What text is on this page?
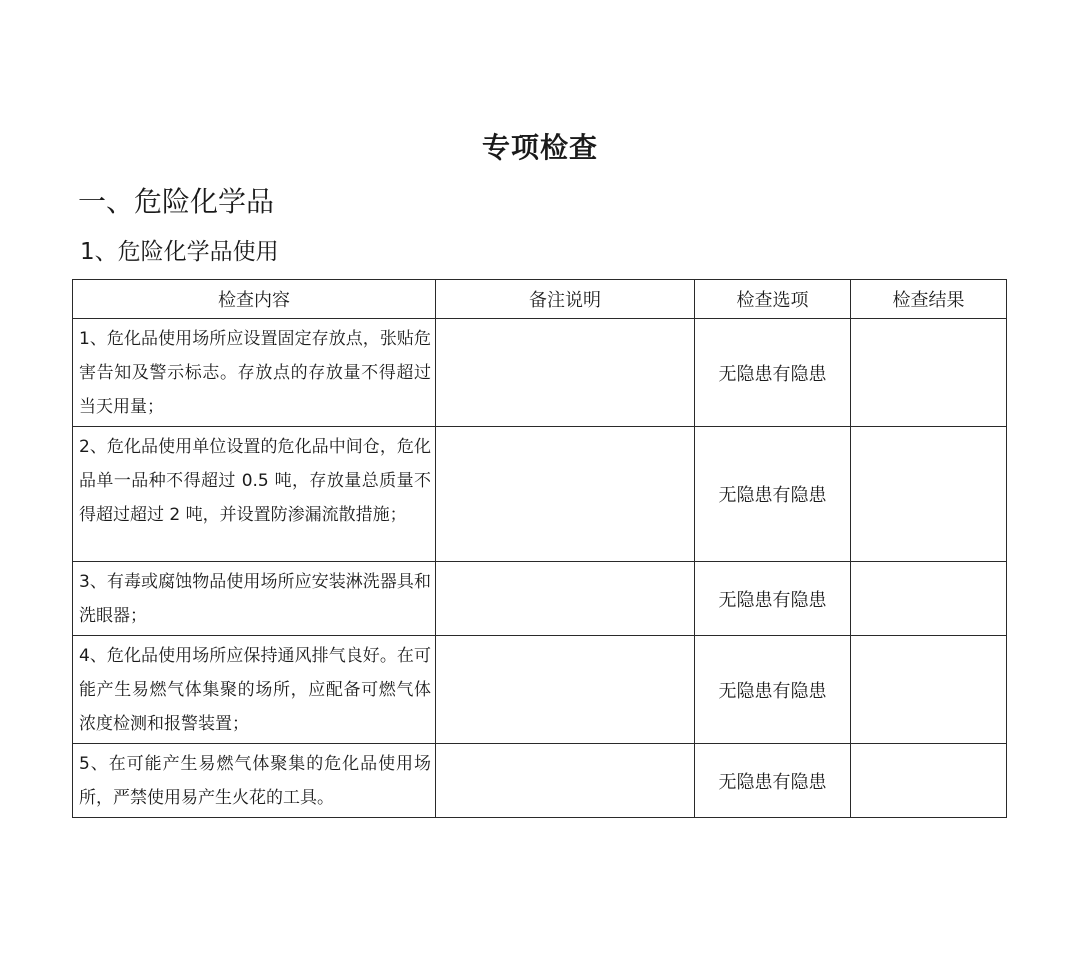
专项检查
一、危险化学品
1、危险化学品使用
检查内容	备注说明	检查选项	检查结果
1、危化品使用场所应设置固定存放点，张贴危害告知及警示标志。存放点的存放量不得超过当天用量；		无隐患有隐患	
2、危化品使用单位设置的危化品中间仓，危化品单一品种不得超过 0.5 吨，存放量总质量不得超过超过 2 吨，并设置防渗漏流散措施；		无隐患有隐患	
3、有毒或腐蚀物品使用场所应安装淋洗器具和洗眼器；		无隐患有隐患	
4、危化品使用场所应保持通风排气良好。在可能产生易燃气体集聚的场所，应配备可燃气体浓度检测和报警装置；		无隐患有隐患	
5、在可能产生易燃气体聚集的危化品使用场所，严禁使用易产生火花的工具。		无隐患有隐患	
